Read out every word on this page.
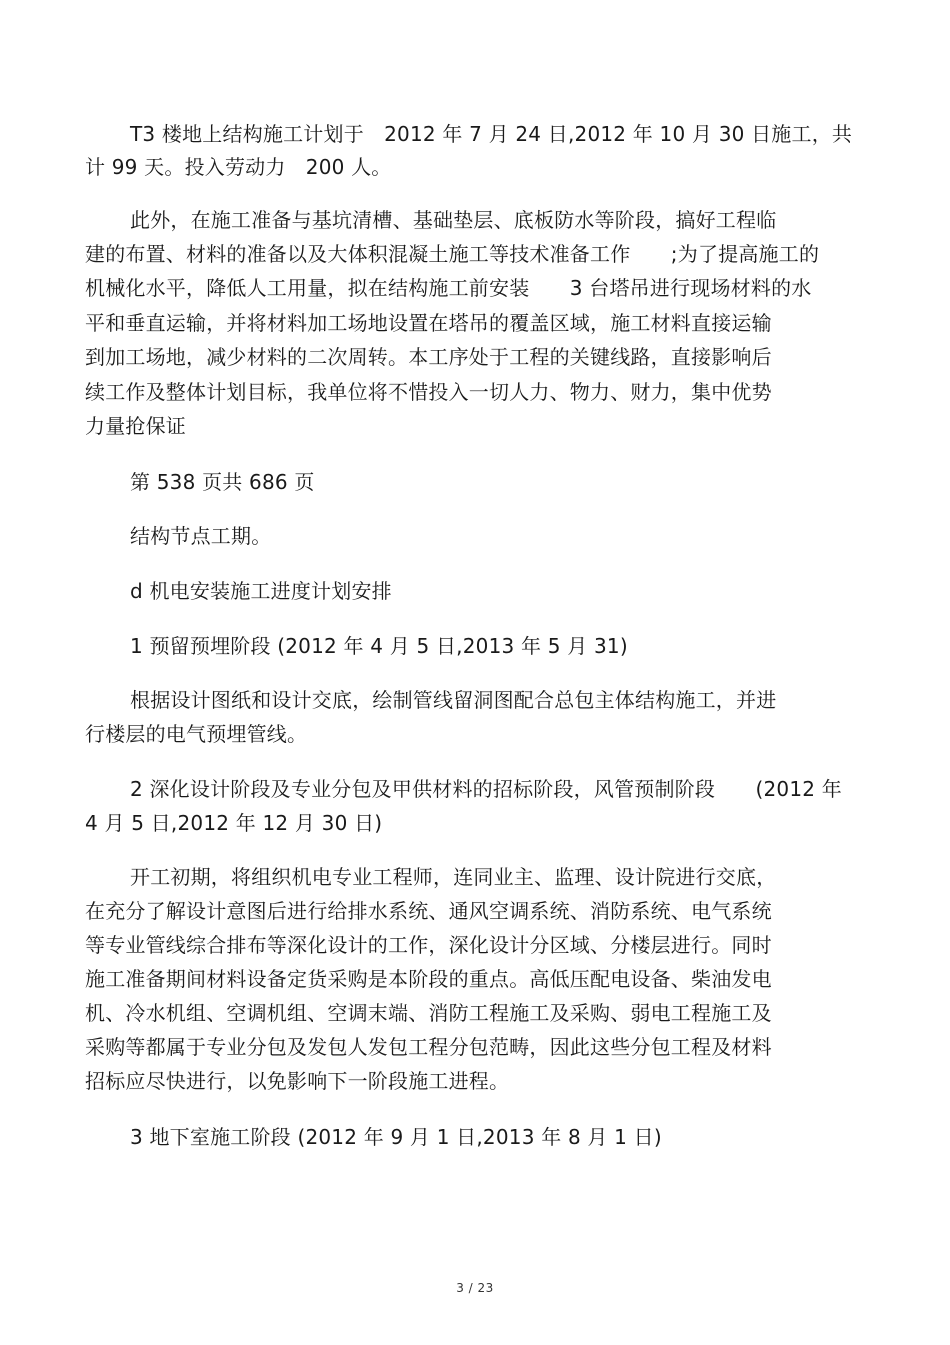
T3 楼地上结构施工计划于　2012 年 7 月 24 日,2012 年 10 月 30 日施工，共
计 99 天。投入劳动力　200 人。
此外，在施工准备与基坑清槽、基础垫层、底板防水等阶段，搞好工程临
建的布置、材料的准备以及大体积混凝土施工等技术准备工作　　;为了提高施工的
机械化水平，降低人工用量，拟在结构施工前安装　　3 台塔吊进行现场材料的水
平和垂直运输，并将材料加工场地设置在塔吊的覆盖区域，施工材料直接运输
到加工场地，减少材料的二次周转。本工序处于工程的关键线路，直接影响后
续工作及整体计划目标，我单位将不惜投入一切人力、物力、财力，集中优势
力量抢保证
第 538 页共 686 页
结构节点工期。
d 机电安装施工进度计划安排
1 预留预埋阶段 (2012 年 4 月 5 日,2013 年 5 月 31)
根据设计图纸和设计交底，绘制管线留洞图配合总包主体结构施工，并进
行楼层的电气预埋管线。
2 深化设计阶段及专业分包及甲供材料的招标阶段，风管预制阶段　　(2012 年
4 月 5 日,2012 年 12 月 30 日)
开工初期，将组织机电专业工程师，连同业主、监理、设计院进行交底，
在充分了解设计意图后进行给排水系统、通风空调系统、消防系统、电气系统
等专业管线综合排布等深化设计的工作，深化设计分区域、分楼层进行。同时
施工准备期间材料设备定货采购是本阶段的重点。高低压配电设备、柴油发电
机、冷水机组、空调机组、空调末端、消防工程施工及采购、弱电工程施工及
采购等都属于专业分包及发包人发包工程分包范畴，因此这些分包工程及材料
招标应尽快进行，以免影响下一阶段施工进程。
3 地下室施工阶段 (2012 年 9 月 1 日,2013 年 8 月 1 日)
3 / 23
